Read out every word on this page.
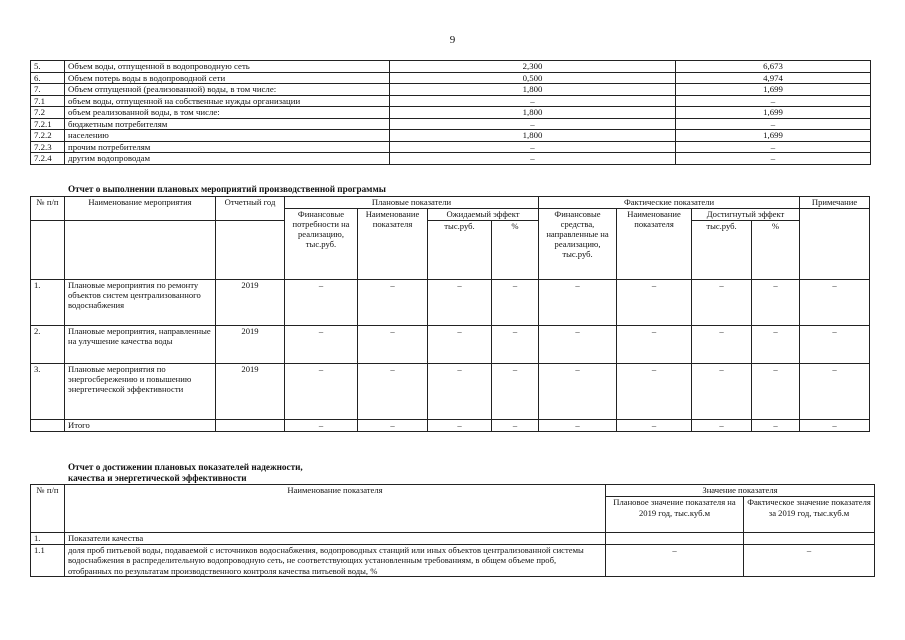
9
5.	Объем воды, отпущенной в водопроводную сеть	2,300	6,673
6.	Объем потерь воды в водопроводной сети	0,500	4,974
7.	Объем отпущенной (реализованной) воды, в том числе:	1,800	1,699
7.1	объем воды, отпущенной на собственные нужды организации	–	–
7.2	объем реализованной воды, в том числе:	1,800	1,699
7.2.1	бюджетным потребителям	–	–
7.2.2	населению	1,800	1,699
7.2.3	прочим потребителям	–	–
7.2.4	другим водопроводам	–	–
Отчет о выполнении плановых мероприятий производственной программы
№ п/п	Наименование мероприятия	Отчетный год	Плановые показатели				Фактические показатели				Примечание
			Финансовые потребности на реализацию, тыс.руб.	Наименование показателя	Ожидаемый эффект		Финансовые средства, направленные на реализацию, тыс.руб.	Наименование показателя	Достигнутый эффект		
					тыс.руб.	%			тыс.руб.	%	
1.	Плановые мероприятия по ремонту объектов систем централизованного водоснабжения	2019	–	–	–	–	–	–	–	–	–
2.	Плановые мероприятия, направленные на улучшение качества воды	2019	–	–	–	–	–	–	–	–	–
3.	Плановые мероприятия по энергосбережению и повышению энергетической эффективности	2019	–	–	–	–	–	–	–	–	–
	Итого		–	–	–	–	–	–	–	–	–
Отчет о достижении плановых показателей надежности,
качества и энергетической эффективности
№ п/п	Наименование показателя	Значение показателя	
		Плановое значение показателя на 2019 год, тыс.куб.м	Фактическое значение показателя за 2019 год, тыс.куб.м
1.	Показатели качества		
1.1	доля проб питьевой воды, подаваемой с источников водоснабжения, водопроводных станций или иных объектов централизованной системы водоснабжения в распределительную водопроводную сеть, не соответствующих установленным требованиям, в общем объеме проб, отобранных по результатам производственного контроля качества питьевой воды, %	–	–
